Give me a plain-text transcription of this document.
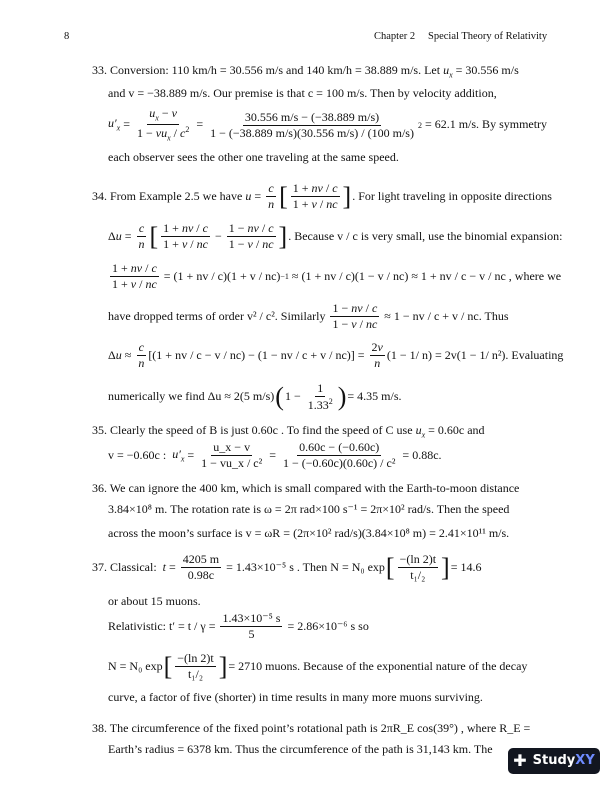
8	Chapter 2 Special Theory of Relativity
33. Conversion: 110 km/h = 30.556 m/s and 140 km/h = 38.889 m/s. Let $u_x = 30.556$ m/s
and v = −38.889 m/s. Our premise is that c = 100 m/s. Then by velocity addition,
$u'_x = \frac{u_x - v}{1 - vu_x / c^2} = \frac{30.556 m/s - (-38.889 m/s)}{1 - (-38.889 m/s)(30.556 m/s) / (100 m/s)} 2$
= 62.1 m/s. By symmetry
each observer sees the other one traveling at the same speed.
34.
From Example 2.5 we have
$u = \frac{c}{n}$ [ $\frac{1 + nv / c}{1 + v / nc}$ ] . For light traveling in opposite directions
Δ $u = \frac{c}{n}$ [ $\frac{1 + nv / c}{1 + v / nc} - \frac{1 - nv / c}{1 - v / nc}$ ] . Because v / c is very small, use the binomial expansion:
$\frac{1 + nv / c}{1 + v / nc}$
= (1 + nv / c)(1 + v / nc) −1
≈ (1 + nv / c)(1 − v / nc) ≈ 1 + nv / c − v / nc , where we
have dropped terms of order v² / c². Similarly
$\frac{1 - nv / c}{1 - v / nc}$
≈ 1 − nv / c + v / nc. Thus
Δ $u \approx \frac{c}{n} [(1$ + nv / c − v / nc) − (1 − nv / c + v / nc)] =
$\frac{2v}{n} (1 - 1/$ n) = 2v(1 − 1/ n²). Evaluating
numerically we find Δu ≈ 2(5 m/s) ( $1 - \frac{1}{1.33^2}$ ) = 4.35 m/s.
35. Clearly the speed of B is just 0.60c . To find the speed of C use $u_x = 0.60c$ and
v = −0.60c :
$u'_x = \frac{u\_x - v}{\text{1 − vu\_x / c²}} = \frac{0.60c - (-0.60c)}{\text{1 − (−0.60c)(0.60c) / c²}}$
= 0.88c.
36. We can ignore the 400 km, which is small compared with the Earth-to-moon distance
3.84×10⁸ m. The rotation rate is ω = 2π rad×100 s⁻¹ = 2π×10² rad/s. Then the speed
across the moon’s surface is v = ωR = (2π×10² rad/s)(3.84×10⁸ m) = 2.41×10¹¹ m/s.
37.
Classical:
$t = \frac{4205 m}{0.98c}$
= 1.43×10⁻⁵ s . Then N = N₀ exp [ $\frac{-(\ln 2)t}{\text{t₁/₂}}$ ] = 14.6
or about 15 muons.
Relativistic: t′ = t / γ =
$\frac{\text{1.43×10⁻⁵ s}}{5}$
= 2.86×10⁻⁶ s so
N = N₀ exp [ $\frac{-(\ln 2)t}{\text{t₁/₂}}$ ] = 2710 muons. Because of the exponential nature of the decay
curve, a factor of five (shorter) in time results in many more muons surviving.
38. The circumference of the fixed point’s rotational path is 2πR_E cos(39°) , where R_E =
Earth’s radius = 6378 km. Thus the circumference of the path is 31,143 km. The
✚ Study XY
